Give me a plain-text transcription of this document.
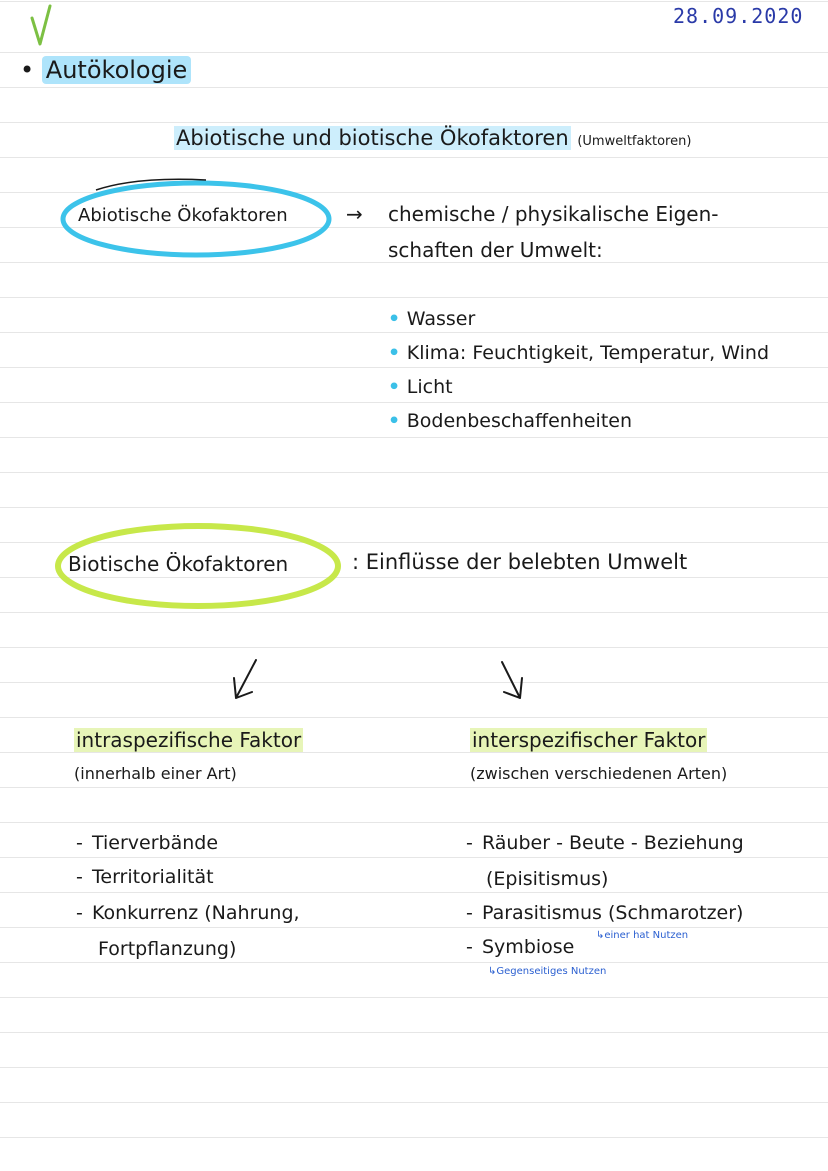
28.09.2020
• Autökologie
Abiotische und biotische Ökofaktoren (Umweltfaktoren)
Abiotische Ökofaktoren	→ chemische / physikalische Eigen-
schaften der Umwelt:
• Wasser
• Klima: Feuchtigkeit, Temperatur, Wind
• Licht
• Bodenbeschaffenheiten
Biotische Ökofaktoren	: Einflüsse der belebten Umwelt
intraspezifische Faktor
(innerhalb einer Art)
- Tierverbände
- Territorialität
- Konkurrenz (Nahrung,
Fortpflanzung)
interspezifischer Faktor
(zwischen verschiedenen Arten)
- Räuber - Beute - Beziehung
(Episitismus)
- Parasitismus (Schmarotzer)
↳einer hat Nutzen
- Symbiose
↳Gegenseitiges Nutzen
